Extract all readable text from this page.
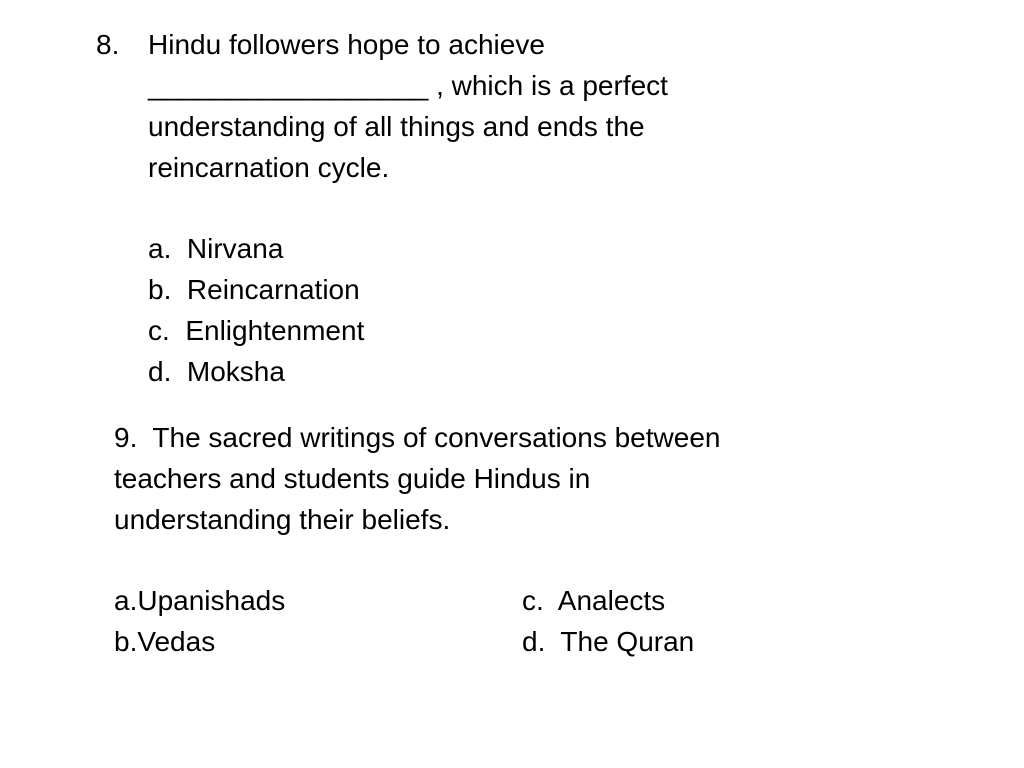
8. Hindu followers hope to achieve
__________________ , which is a perfect
understanding of all things and ends the
reincarnation cycle.
a.  Nirvana
b.  Reincarnation
c.  Enlightenment
d.  Moksha
9.  The sacred writings of conversations between
teachers and students guide Hindus in
understanding their beliefs.
a.Upanishads
b.Vedas
c.  Analects
d.  The Quran
